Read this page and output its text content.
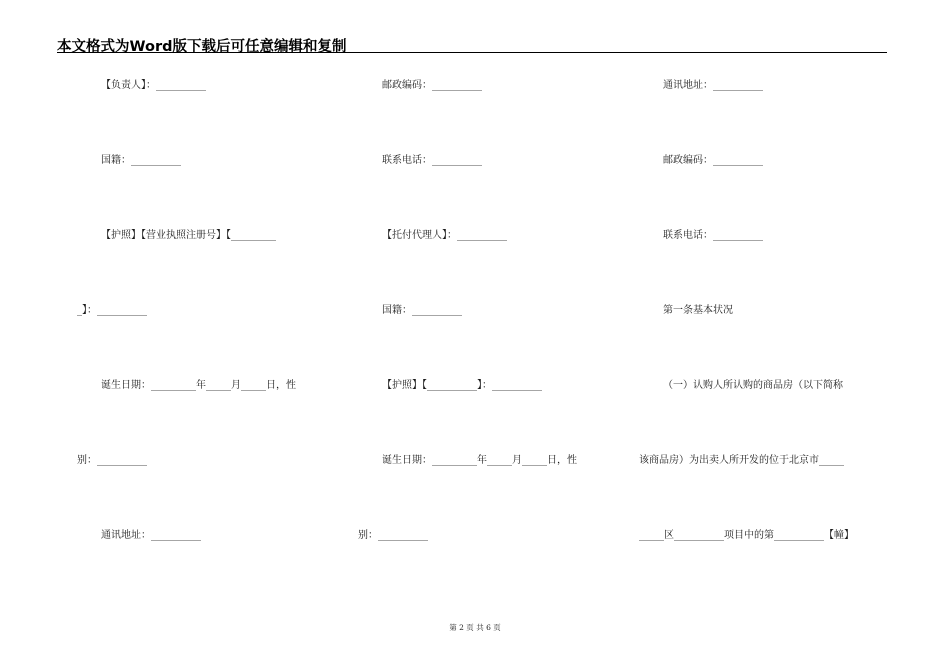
本文格式为Word版下载后可任意编辑和复制
【负责人】：__________
国籍：__________
【护照】【营业执照注册号】【_________
_】：__________
诞生日期：_________年_____月_____日，性
别：__________
通讯地址：__________
邮政编码：__________
联系电话：__________
【托付代理人】：__________
国籍：__________
【护照】【__________】：__________
诞生日期：_________年_____月_____日，性
别：__________
通讯地址：__________
邮政编码：__________
联系电话：__________
第一条基本状况
（一）认购人所认购的商品房（以下简称
该商品房）为出卖人所开发的位于北京市_____
_____区__________项目中的第__________【幢】
第 2 页 共 6 页
